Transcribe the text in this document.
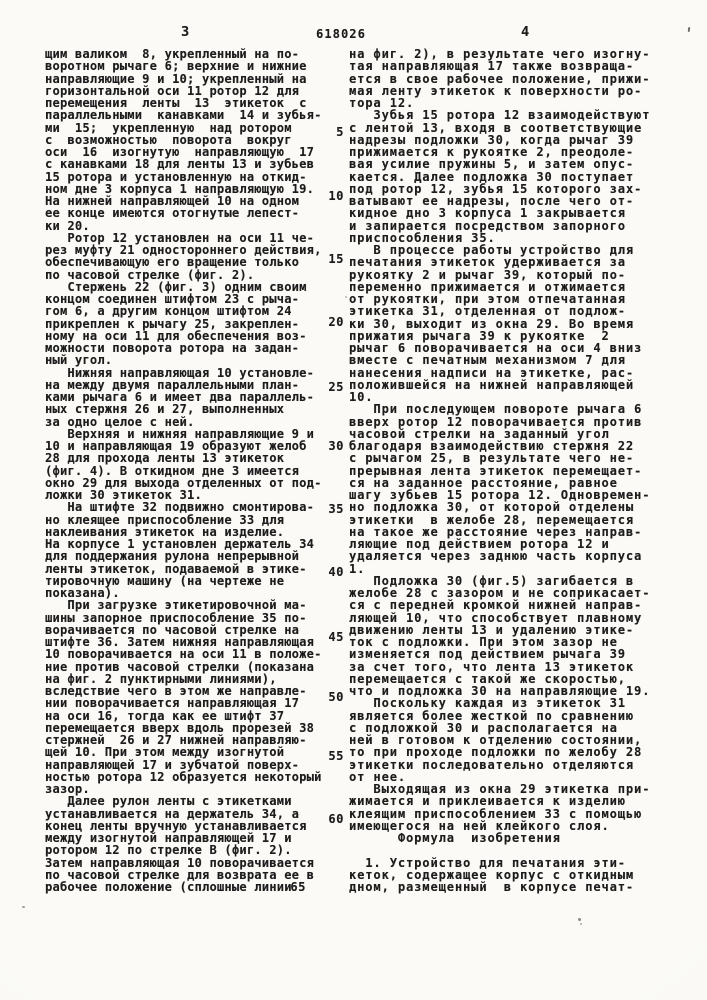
3	618026	4
щим валиком  8, укрепленный на по-
воротном рычаге 6; верхние и нижние
направляющие 9 и 10; укрепленный на
горизонтальной оси 11 ротор 12 для
перемещения  ленты  13  этикеток  с
параллельными  канавками  14 и зубья-
ми  15;  укрепленную  над ротором
с  возможностью  поворота  вокруг
оси  16  изогнутую  направляющую  17
с канавками 18 для ленты 13 и зубьев
15 ротора и установленную на откид-
ном дне 3 корпуса 1 направляющую 19.
На нижней направляющей 10 на одном
ее конце имеются отогнутые лепест-
ки 20.
Ротор 12 установлен на оси 11 че-
рез муфту 21 одностороннего действия,
обеспечивающую его вращение только
по часовой стрелке (фиг. 2).
Стержень 22 (фиг. 3) одним своим
концом соединен штифтом 23 с рыча-
гом 6, а другим концом штифтом 24
прикреплен к рычагу 25, закреплен-
ному на оси 11 для обеспечения воз-
можности поворота ротора на задан-
ный угол.
Нижняя направляющая 10 установле-
на между двумя параллельными план-
ками рычага 6 и имеет два параллель-
ных стержня 26 и 27, выполненных
за одно целое с ней.
Верхняя и нижняя направляющие 9 и
10 и направляющая 19 образуют желоб
28 для прохода ленты 13 этикеток
(фиг. 4). В откидном дне 3 имеется
окно 29 для выхода отделенных от под-
ложки 30 этикеток 31.
На штифте 32 подвижно смонтирова-
но клеящее приспособление 33 для
наклеивания этикеток на изделие.
На корпусе 1 установлен держатель 34
для поддержания рулона непрерывной
ленты этикеток, подаваемой в этике-
тировочную машину (на чертеже не
показана).
При загрузке этикетировочной ма-
шины запорное приспособление 35 по-
ворачивается по часовой стрелке на
штифте 36. Затем нижняя направляющая
10 поворачивается на оси 11 в положе-
ние против часовой стрелки (показана
на фиг. 2 пунктирными линиями),
вследствие чего в этом же направле-
нии поворачивается направляющая 17
на оси 16, тогда как ее штифт 37
перемещается вверх вдоль прорезей 38
стержней  26 и 27 нижней направляю-
щей 10. При этом между изогнутой
направляющей 17 и зубчатой поверх-
ностью ротора 12 образуется некоторый
зазор.
Далее рулон ленты с этикетками
устанавливается на держатель 34, а
конец ленты вручную устанавливается
между изогнутой направляющей 17 и
ротором 12 по стрелке В (фиг. 2).
Затем направляющая 10 поворачивается
по часовой стрелке для возврата ее в
рабочее положение (сплошные линии
5
10
15
20
25
30
35
40
45
50
55
60
65
на фиг. 2), в результате чего изогну-
тая направляющая 17 также возвраща-
ется в свое рабочее положение, прижи-
мая ленту этикеток к поверхности ро-
тора 12.
Зубья 15 ротора 12 взаимодействуют
с лентой 13, входя в соответствующие
надрезы подложки 30, когда рычаг 39
прижимается к рукоятке 2, преодоле-
вая усилие пружины 5, и затем опус-
кается. Далее подложка 30 поступает
под ротор 12, зубья 15 которого зах-
ватывают ее надрезы, после чего от-
кидное дно 3 корпуса 1 закрывается
и запирается посредством запорного
приспособления 35.
В процессе работы устройство для
печатания этикеток удерживается за
рукоятку 2 и рычаг 39, который по-
переменно прижимается и отжимается
от рукоятки, при этом отпечатанная
этикетка 31, отделенная от подлож-
ки 30, выходит из окна 29. Во время
прижатия рычага 39 к рукоятке  2
рычаг 6 поворачивается на оси 4 вниз
вместе с печатным механизмом 7 для
нанесения надписи на этикетке, рас-
положившейся на нижней направляющей
10.
При последующем повороте рычага 6
вверх ротор 12 поворачивается против
часовой стрелки на заданный угол
благодаря взаимодействию стержня 22
с рычагом 25, в результате чего не-
прерывная лента этикеток перемещает-
ся на заданное расстояние, равное
шагу зубьев 15 ротора 12. Одновремен-
но подложка 30, от которой отделены
этикетки  в желобе 28, перемещается
на такое же расстояние через направ-
ляющие под действием ротора 12 и
удаляется через заднюю часть корпуса
1.
Подложка 30 (фиг.5) загибается в
желобе 28 с зазором и не соприкасает-
ся с передней кромкой нижней направ-
ляющей 10, что способствует плавному
движению ленты 13 и удалению этике-
ток с подложки. При этом зазор не
изменяется под действием рычага 39
за счет того, что лента 13 этикеток
перемещается с такой же скоростью,
что и подложка 30 на направляющие 19.
Поскольку каждая из этикеток 31
является более жесткой по сравнению
с подложкой 30 и располагается на
ней в готовом к отделению состоянии,
то при проходе подложки по желобу 28
этикетки последовательно отделяются
от нее.
Выходящая из окна 29 этикетка при-
жимается и приклеивается к изделию
клеящим приспособлением 33 с помощью
имеющегося на ней клейкого слоя.
Формула  изобретения
1. Устройство для печатания эти-
кеток, содержащее корпус с откидным
дном, размещенный  в корпусе печат-
